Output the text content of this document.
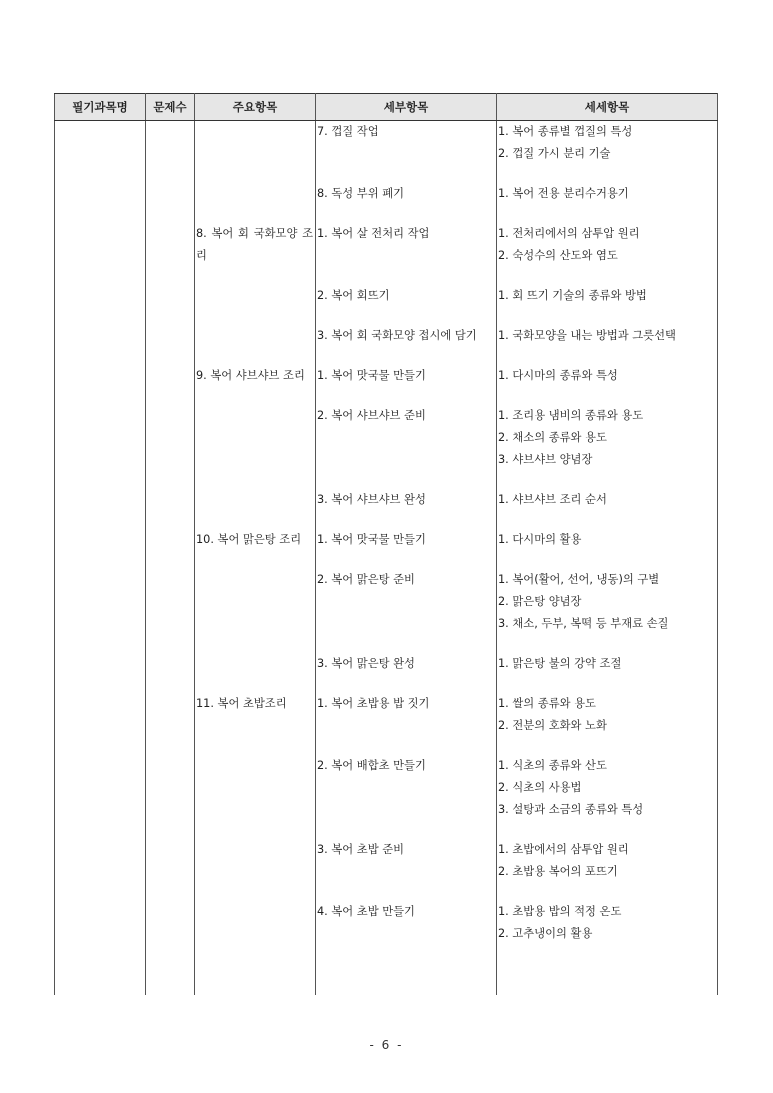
필기과목명	문제수	주요항목	세부항목	세세항목

			7. 껍질 작업	1. 복어 종류별 껍질의 특성
2. 껍질 가시 분리 기술

			8. 독성 부위 폐기	1. 복어 전용 분리수거용기

		8. 복어 회 국화모양 조리	1. 복어 살 전처리 작업	1. 전처리에서의 삼투압 원리
2. 숙성수의 산도와 염도

			2. 복어 회뜨기	1. 회 뜨기 기술의 종류와 방법

			3. 복어 회 국화모양 접시에 담기	1. 국화모양을 내는 방법과 그릇선택

		9. 복어 샤브샤브 조리	1. 복어 맛국물 만들기	1. 다시마의 종류와 특성

			2. 복어 샤브샤브 준비	1. 조리용 냄비의 종류와 용도
2. 채소의 종류와 용도
3. 샤브샤브 양념장

			3. 복어 샤브샤브 완성	1. 샤브샤브 조리 순서

		10. 복어 맑은탕 조리	1. 복어 맛국물 만들기	1. 다시마의 활용

			2. 복어 맑은탕 준비	1. 복어(활어, 선어, 냉동)의 구별
2. 맑은탕 양념장
3. 채소, 두부, 복떡 등 부재료 손질

			3. 복어 맑은탕 완성	1. 맑은탕 불의 강약 조절

		11. 복어 초밥조리	1. 복어 초밥용 밥 짓기	1. 쌀의 종류와 용도
2. 전분의 호화와 노화

			2. 복어 배합초 만들기	1. 식초의 종류와 산도
2. 식초의 사용법
3. 설탕과 소금의 종류와 특성

			3. 복어 초밥 준비	1. 초밥에서의 삼투압 원리
2. 초밥용 복어의 포뜨기

			4. 복어 초밥 만들기	1. 초밥용 밥의 적정 온도
2. 고추냉이의 활용

- 6 -
